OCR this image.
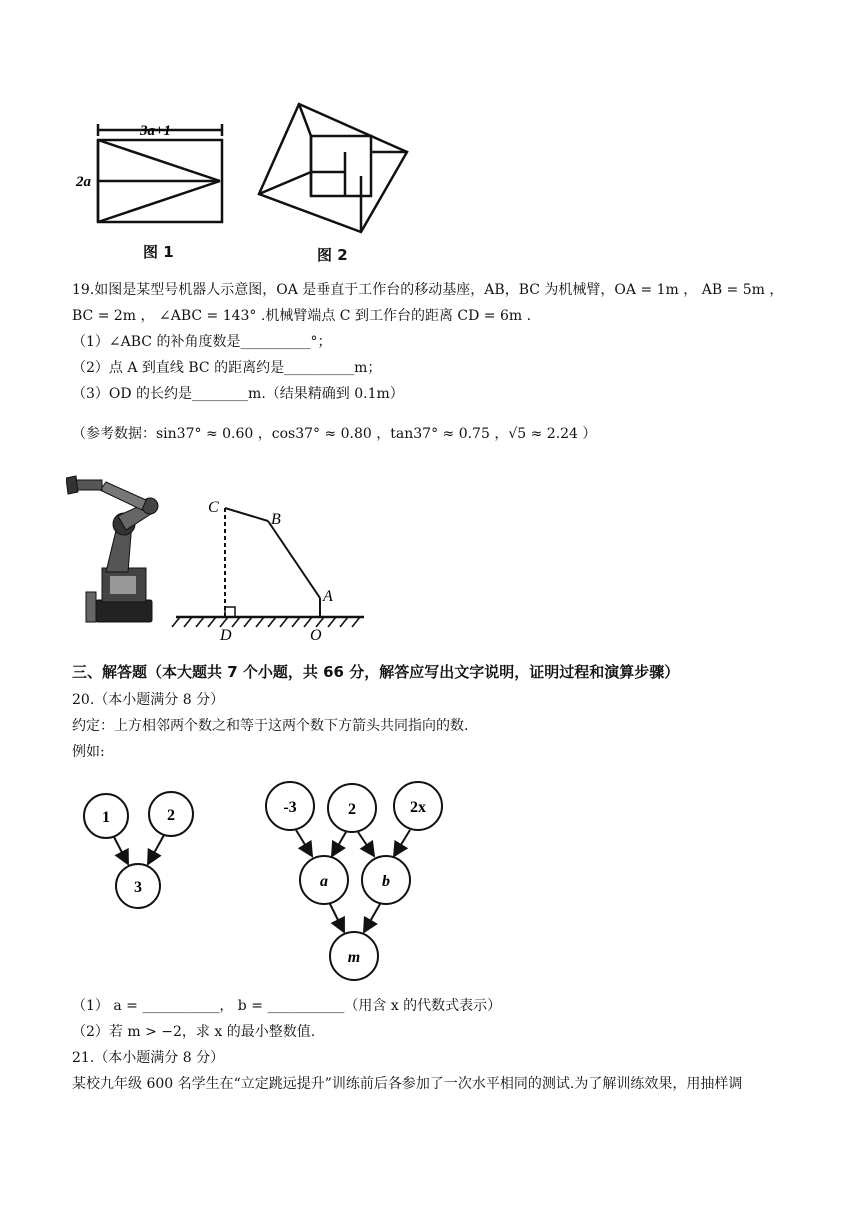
3a+1
2a
图 1	图 2
19.如图是某型号机器人示意图，OA 是垂直于工作台的移动基座，AB，BC 为机械臂，OA = 1m ， AB = 5m ，
BC = 2m ， ∠ABC = 143° .机械臂端点 C 到工作台的距离 CD = 6m .
（1）∠ABC 的补角度数是__________°；
（2）点 A 到直线 BC 的距离约是__________m；
（3）OD 的长约是________m.（结果精确到 0.1m）
（参考数据：sin37° ≈ 0.60 ，cos37° ≈ 0.80 ，tan37° ≈ 0.75 ，√5 ≈ 2.24 ）
C
B
A
D	O
三、解答题（本大题共 7 个小题，共 66 分，解答应写出文字说明，证明过程和演算步骤）
20.（本小题满分 8 分）
约定：上方相邻两个数之和等于这两个数下方箭头共同指向的数.
例如:
1	2
3
-3	2	2x
a	b
m
（1） a = ___________， b = ___________（用含 x 的代数式表示）
（2）若 m > −2，求 x 的最小整数值.
21.（本小题满分 8 分）
某校九年级 600 名学生在“立定跳远提升”训练前后各参加了一次水平相同的测试.为了解训练效果，用抽样调
